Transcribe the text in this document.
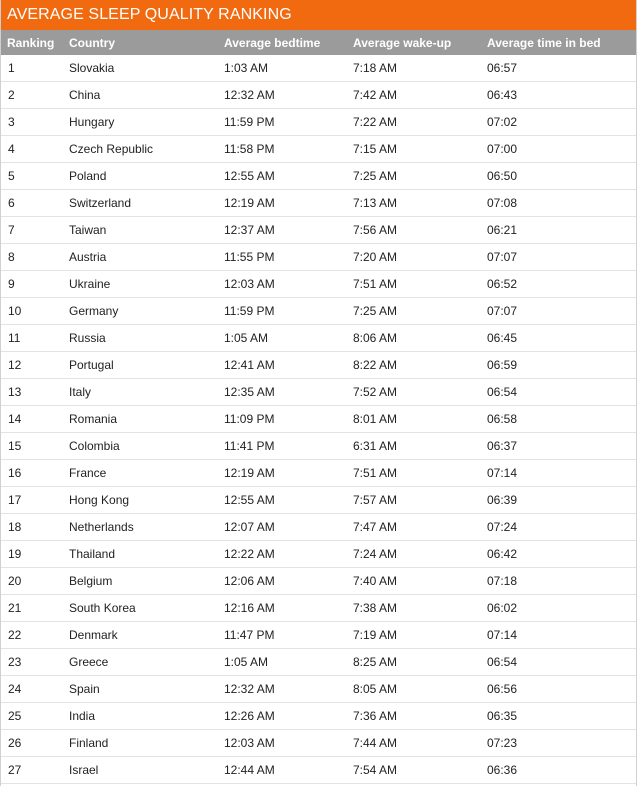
AVERAGE SLEEP QUALITY RANKING
Ranking	Country	Average bedtime	Average wake-up	Average time in bed
1	Slovakia	1:03 AM	7:18 AM	06:57
2	China	12:32 AM	7:42 AM	06:43
3	Hungary	11:59 PM	7:22 AM	07:02
4	Czech Republic	11:58 PM	7:15 AM	07:00
5	Poland	12:55 AM	7:25 AM	06:50
6	Switzerland	12:19 AM	7:13 AM	07:08
7	Taiwan	12:37 AM	7:56 AM	06:21
8	Austria	11:55 PM	7:20 AM	07:07
9	Ukraine	12:03 AM	7:51 AM	06:52
10	Germany	11:59 PM	7:25 AM	07:07
11	Russia	1:05 AM	8:06 AM	06:45
12	Portugal	12:41 AM	8:22 AM	06:59
13	Italy	12:35 AM	7:52 AM	06:54
14	Romania	11:09 PM	8:01 AM	06:58
15	Colombia	11:41 PM	6:31 AM	06:37
16	France	12:19 AM	7:51 AM	07:14
17	Hong Kong	12:55 AM	7:57 AM	06:39
18	Netherlands	12:07 AM	7:47 AM	07:24
19	Thailand	12:22 AM	7:24 AM	06:42
20	Belgium	12:06 AM	7:40 AM	07:18
21	South Korea	12:16 AM	7:38 AM	06:02
22	Denmark	11:47 PM	7:19 AM	07:14
23	Greece	1:05 AM	8:25 AM	06:54
24	Spain	12:32 AM	8:05 AM	06:56
25	India	12:26 AM	7:36 AM	06:35
26	Finland	12:03 AM	7:44 AM	07:23
27	Israel	12:44 AM	7:54 AM	06:36
